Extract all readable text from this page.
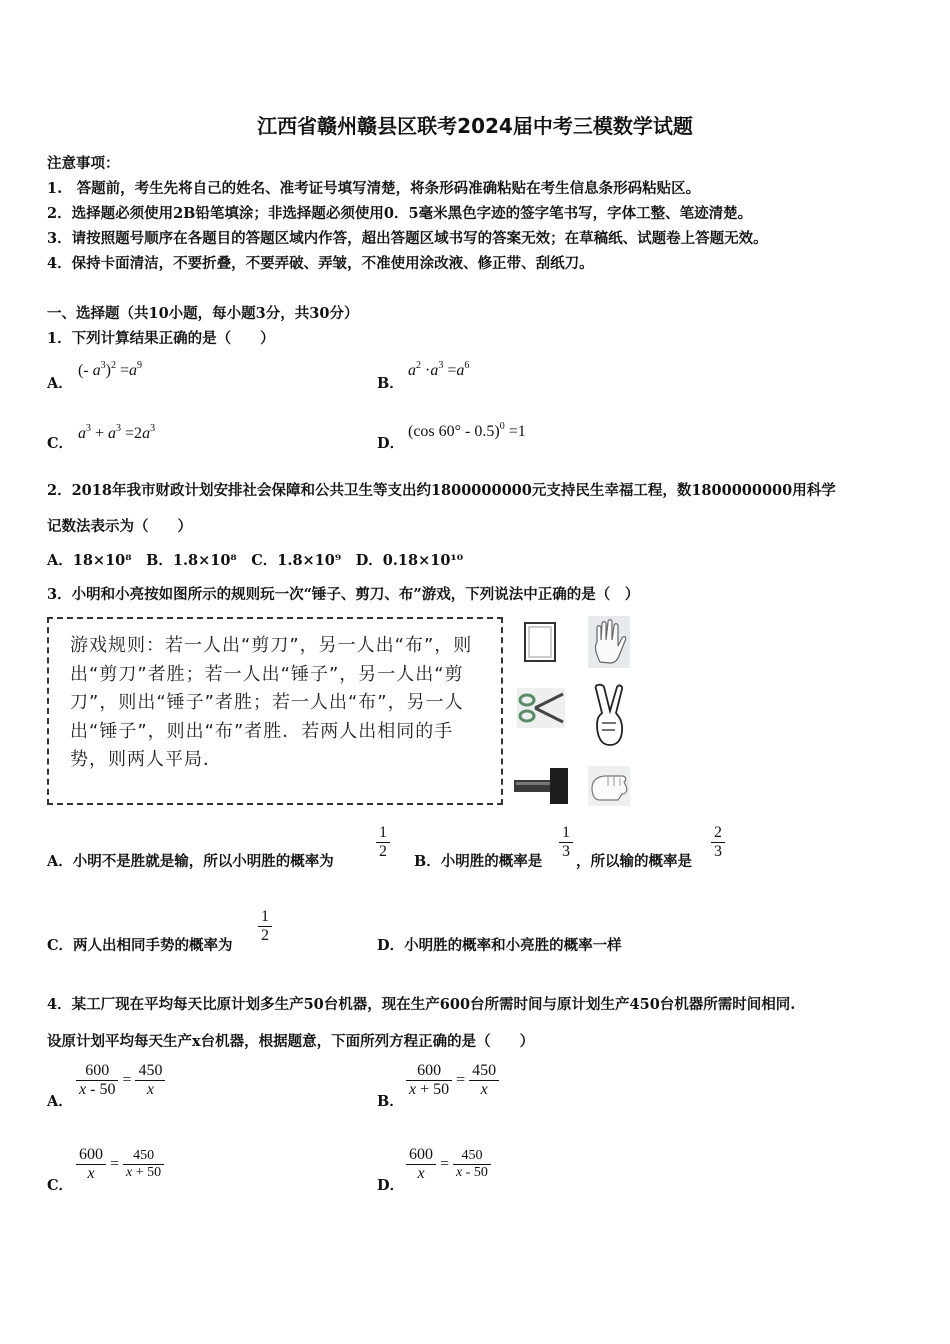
江西省赣州赣县区联考2024届中考三模数学试题
注意事项：
1.　答题前，考生先将自己的姓名、准考证号填写清楚，将条形码准确粘贴在考生信息条形码粘贴区。
2．选择题必须使用2B铅笔填涂；非选择题必须使用0．5毫米黑色字迹的签字笔书写，字体工整、笔迹清楚。
3．请按照题号顺序在各题目的答题区域内作答，超出答题区域书写的答案无效；在草稿纸、试题卷上答题无效。
4．保持卡面清洁，不要折叠，不要弄破、弄皱，不准使用涂改液、修正带、刮纸刀。
一、选择题（共10小题，每小题3分，共30分）
1．下列计算结果正确的是（　　）
A．
(- $a^3)^2 =a^9$
B．
$a^2 \cdot a^3 =a^6$
C．
$a^3 + a^3 =2a^3$
D．
(cos 60° - 0.5)$^0$ =1
2．2018年我市财政计划安排社会保障和公共卫生等支出约1800000000元支持民生幸福工程，数1800000000用科学
记数法表示为（　　）
A．18×10⁸　B．1.8×10⁸　C．1.8×10⁹　D．0.18×10¹⁰
3．小明和小亮按如图所示的规则玩一次“锤子、剪刀、布”游戏，下列说法中正确的是（　）
游戏规则：若一人出“剪刀”，另一人出“布”，则出“剪刀”者胜；若一人出“锤子”，另一人出“剪刀”，则出“锤子”者胜；若一人出“布”，另一人出“锤子”，则出“布”者胜．若两人出相同的手势，则两人平局．
A．小明不是胜就是输，所以小明胜的概率为
$\frac{1}{2}$
B．小明胜的概率是
$\frac{1}{3}$
，所以输的概率是
$\frac{2}{3}$
C．两人出相同手势的概率为
$\frac{1}{2}$
D．小明胜的概率和小亮胜的概率一样
4．某工厂现在平均每天比原计划多生产50台机器，现在生产600台所需时间与原计划生产450台机器所需时间相同.
设原计划平均每天生产x台机器，根据题意，下面所列方程正确的是（　　）
A．
$\frac{600}{x - 50} = \frac{450}{x}$
B．
$\frac{600}{x + 50} = \frac{450}{x}$
C．
$\frac{600}{x} = \frac{450}{x + 50}$
D．
$\frac{600}{x} = \frac{450}{x - 50}$
